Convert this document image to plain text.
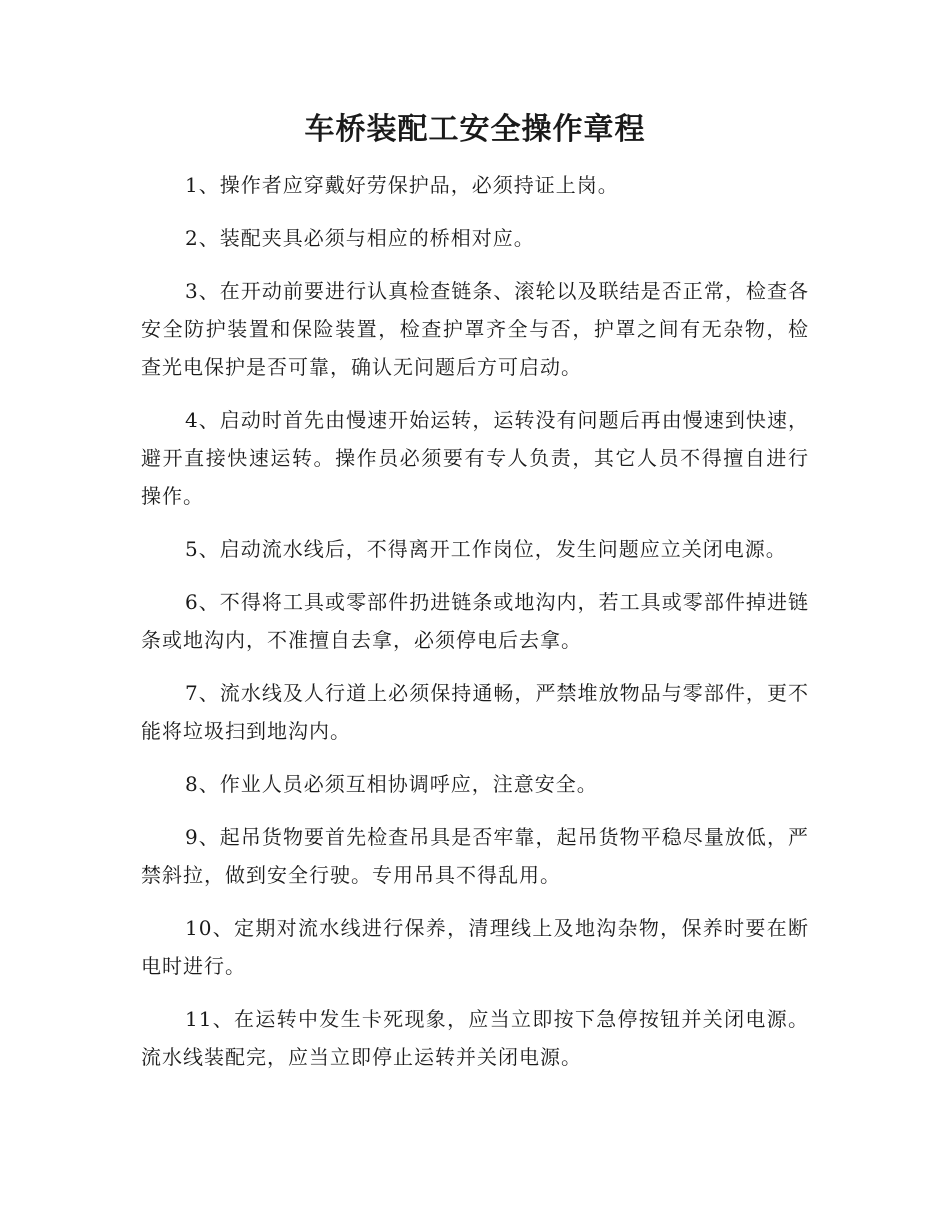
车桥装配工安全操作章程

1、操作者应穿戴好劳保护品，必须持证上岗。

2、装配夹具必须与相应的桥相对应。

3、在开动前要进行认真检查链条、滚轮以及联结是否正常，检查各安全防护装置和保险装置，检查护罩齐全与否，护罩之间有无杂物，检查光电保护是否可靠，确认无问题后方可启动。

4、启动时首先由慢速开始运转，运转没有问题后再由慢速到快速，避开直接快速运转。操作员必须要有专人负责，其它人员不得擅自进行操作。

5、启动流水线后，不得离开工作岗位，发生问题应立关闭电源。

6、不得将工具或零部件扔进链条或地沟内，若工具或零部件掉进链条或地沟内，不准擅自去拿，必须停电后去拿。

7、流水线及人行道上必须保持通畅，严禁堆放物品与零部件，更不能将垃圾扫到地沟内。

8、作业人员必须互相协调呼应，注意安全。

9、起吊货物要首先检查吊具是否牢靠，起吊货物平稳尽量放低，严禁斜拉，做到安全行驶。专用吊具不得乱用。

10、定期对流水线进行保养，清理线上及地沟杂物，保养时要在断电时进行。

11、在运转中发生卡死现象，应当立即按下急停按钮并关闭电源。流水线装配完，应当立即停止运转并关闭电源。
